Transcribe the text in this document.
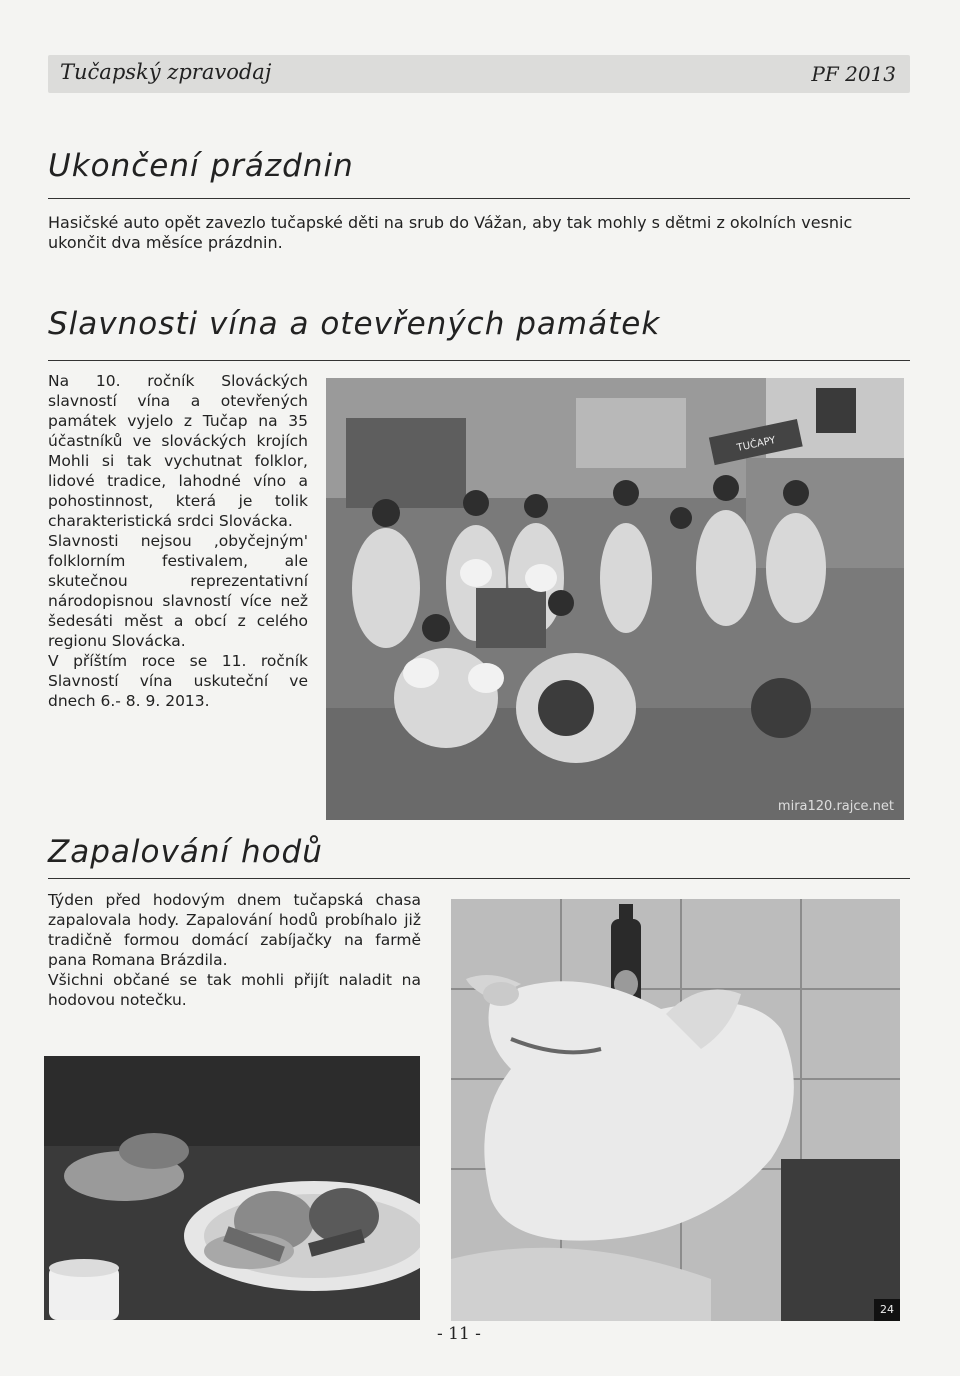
Tučapský zpravodaj	PF 2013
Ukončení prázdnin

Hasičské auto opět zavezlo tučapské děti na srub do Vážan, aby tak mohly s dětmi z okolních vesnic ukončit dva měsíce prázdnin.

Slavnosti vína a otevřených památek

Na 10. ročník Slováckých slavností vína a otevřených památek vyjelo z Tučap na 35 účastníků ve slováckých krojích Mohli si tak vychutnat folklor, lidové tradice, lahodné víno a pohostinnost, která je tolik charakteristická srdci Slovácka.

Slavnosti nejsou ,obyčejným' folklorním festivalem, ale skutečnou reprezentativní národopisnou slavností více než šedesáti měst a obcí z celého regionu Slovácka.

V příštím roce se 11. ročník Slavností vína uskuteční ve dnech 6.- 8. 9. 2013.

TUČAPY
mira120.rajce.net
Zapalování hodů

Týden před hodovým dnem tučapská chasa zapalovala hody. Zapalování hodů probíhalo již tradičně formou domácí zabíjačky na farmě pana Romana Brázdila.

Všichni občané se tak mohli přijít naladit na hodovou notečku.

24
- 11 -
